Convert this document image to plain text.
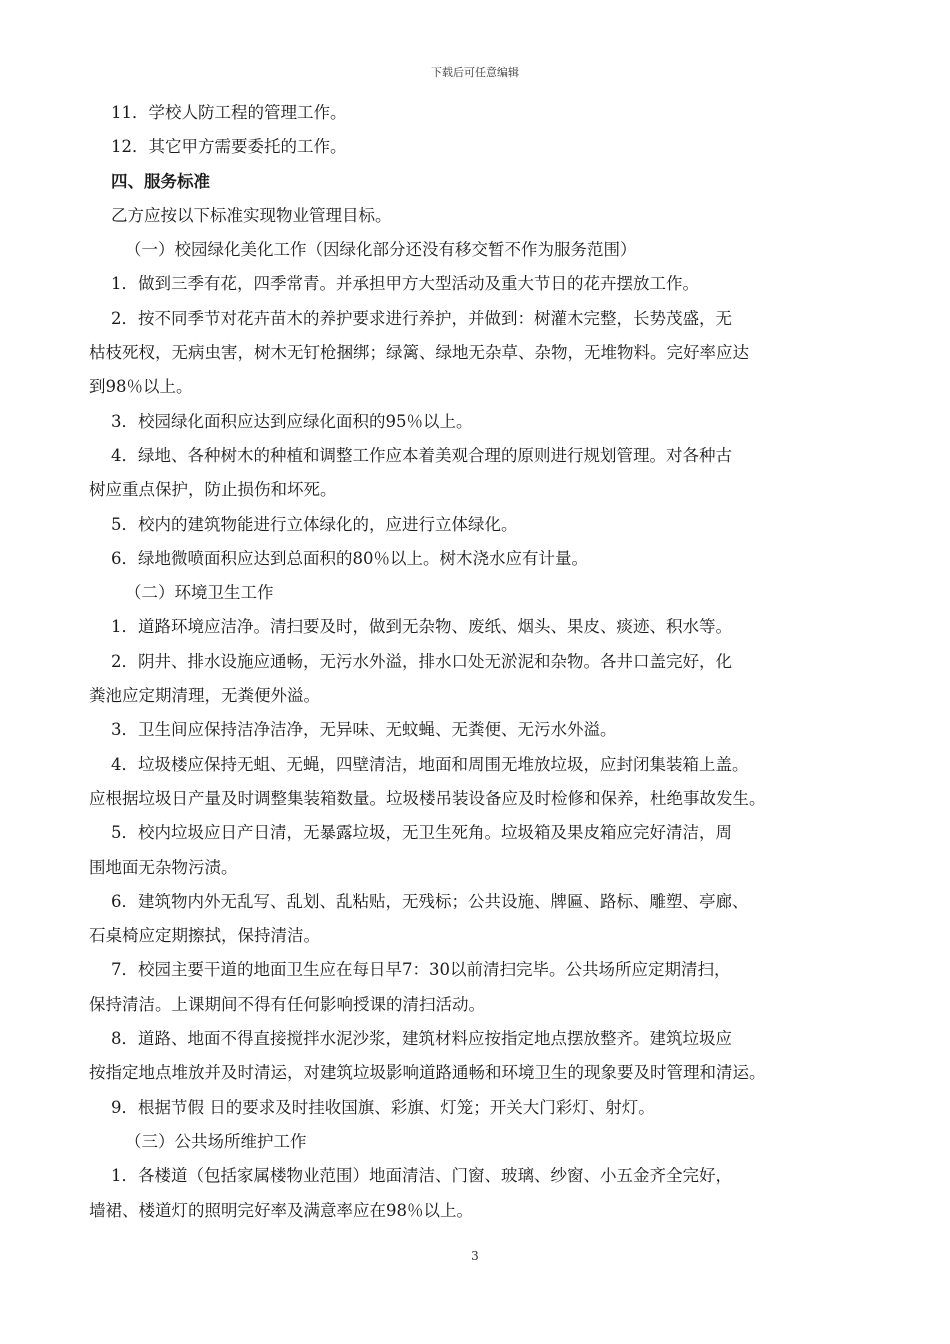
下载后可任意编辑
11．学校人防工程的管理工作。
12．其它甲方需要委托的工作。
四、服务标准
乙方应按以下标准实现物业管理目标。
（一）校园绿化美化工作（因绿化部分还没有移交暂不作为服务范围）
1．做到三季有花，四季常青。并承担甲方大型活动及重大节日的花卉摆放工作。
2．按不同季节对花卉苗木的养护要求进行养护，并做到：树灌木完整，长势茂盛，无
枯枝死杈，无病虫害，树木无钉枪捆绑；绿篱、绿地无杂草、杂物，无堆物料。完好率应达
到98％以上。
3．校园绿化面积应达到应绿化面积的95％以上。
4．绿地、各种树木的种植和调整工作应本着美观合理的原则进行规划管理。对各种古
树应重点保护，防止损伤和坏死。
5．校内的建筑物能进行立体绿化的，应进行立体绿化。
6．绿地微喷面积应达到总面积的80％以上。树木浇水应有计量。
（二）环境卫生工作
1．道路环境应洁净。清扫要及时，做到无杂物、废纸、烟头、果皮、痰迹、积水等。
2．阴井、排水设施应通畅，无污水外溢，排水口处无淤泥和杂物。各井口盖完好，化
粪池应定期清理，无粪便外溢。
3．卫生间应保持洁净洁净，无异味、无蚊蝇、无粪便、无污水外溢。
4．垃圾楼应保持无蛆、无蝇，四壁清洁，地面和周围无堆放垃圾，应封闭集装箱上盖。
应根据垃圾日产量及时调整集装箱数量。垃圾楼吊装设备应及时检修和保养，杜绝事故发生。
5．校内垃圾应日产日清，无暴露垃圾，无卫生死角。垃圾箱及果皮箱应完好清洁，周
围地面无杂物污渍。
6．建筑物内外无乱写、乱划、乱粘贴，无残标；公共设施、牌匾、路标、雕塑、亭廊、
石桌椅应定期擦拭，保持清洁。
7．校园主要干道的地面卫生应在每日早7：30以前清扫完毕。公共场所应定期清扫，
保持清洁。上课期间不得有任何影响授课的清扫活动。
8．道路、地面不得直接搅拌水泥沙浆，建筑材料应按指定地点摆放整齐。建筑垃圾应
按指定地点堆放并及时清运，对建筑垃圾影响道路通畅和环境卫生的现象要及时管理和清运。
9．根据节假 日的要求及时挂收国旗、彩旗、灯笼；开关大门彩灯、射灯。
（三）公共场所维护工作
1．各楼道（包括家属楼物业范围）地面清洁、门窗、玻璃、纱窗、小五金齐全完好，
墙裙、楼道灯的照明完好率及满意率应在98％以上。
3
